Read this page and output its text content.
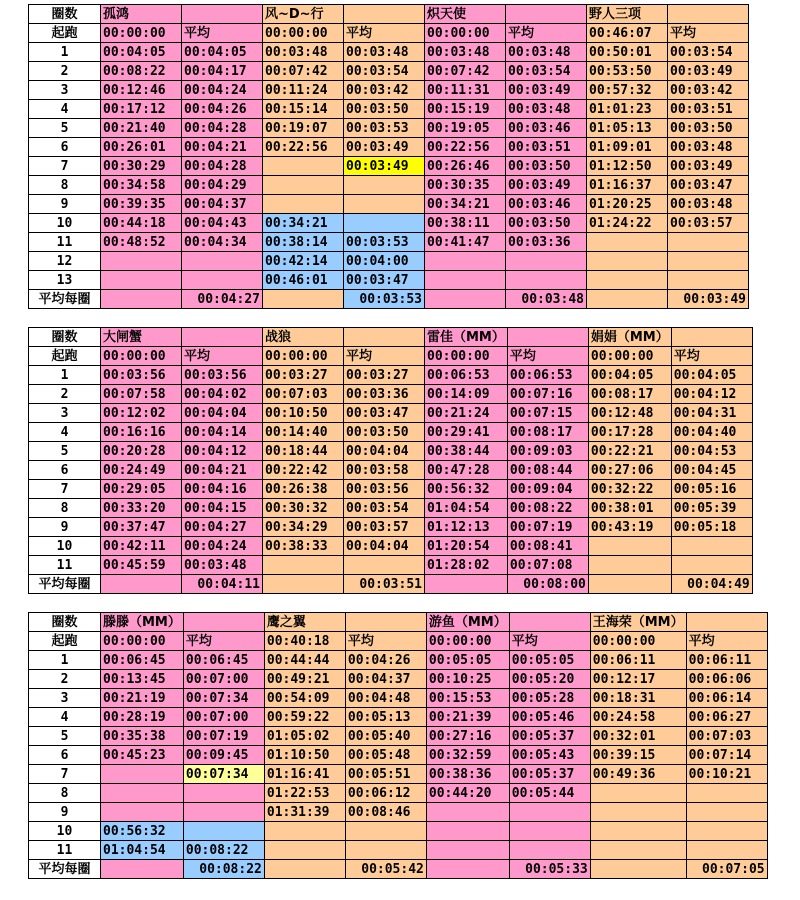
圈数	孤鸿		风~D~行		炽天使		野人三项	
起跑	00:00:00	平均	00:00:00	平均	00:00:00	平均	00:46:07	平均
1	00:04:05	00:04:05	00:03:48	00:03:48	00:03:48	00:03:48	00:50:01	00:03:54
2	00:08:22	00:04:17	00:07:42	00:03:54	00:07:42	00:03:54	00:53:50	00:03:49
3	00:12:46	00:04:24	00:11:24	00:03:42	00:11:31	00:03:49	00:57:32	00:03:42
4	00:17:12	00:04:26	00:15:14	00:03:50	00:15:19	00:03:48	01:01:23	00:03:51
5	00:21:40	00:04:28	00:19:07	00:03:53	00:19:05	00:03:46	01:05:13	00:03:50
6	00:26:01	00:04:21	00:22:56	00:03:49	00:22:56	00:03:51	01:09:01	00:03:48
7	00:30:29	00:04:28		00:03:49	00:26:46	00:03:50	01:12:50	00:03:49
8	00:34:58	00:04:29			00:30:35	00:03:49	01:16:37	00:03:47
9	00:39:35	00:04:37			00:34:21	00:03:46	01:20:25	00:03:48
10	00:44:18	00:04:43	00:34:21		00:38:11	00:03:50	01:24:22	00:03:57
11	00:48:52	00:04:34	00:38:14	00:03:53	00:41:47	00:03:36		
12			00:42:14	00:04:00				
13			00:46:01	00:03:47				
平均每圈		00:04:27		00:03:53		00:03:48		00:03:49
圈数	大闸蟹		战狼		雷佳（MM）		娟娟（MM）	
起跑	00:00:00	平均	00:00:00	平均	00:00:00	平均	00:00:00	平均
1	00:03:56	00:03:56	00:03:27	00:03:27	00:06:53	00:06:53	00:04:05	00:04:05
2	00:07:58	00:04:02	00:07:03	00:03:36	00:14:09	00:07:16	00:08:17	00:04:12
3	00:12:02	00:04:04	00:10:50	00:03:47	00:21:24	00:07:15	00:12:48	00:04:31
4	00:16:16	00:04:14	00:14:40	00:03:50	00:29:41	00:08:17	00:17:28	00:04:40
5	00:20:28	00:04:12	00:18:44	00:04:04	00:38:44	00:09:03	00:22:21	00:04:53
6	00:24:49	00:04:21	00:22:42	00:03:58	00:47:28	00:08:44	00:27:06	00:04:45
7	00:29:05	00:04:16	00:26:38	00:03:56	00:56:32	00:09:04	00:32:22	00:05:16
8	00:33:20	00:04:15	00:30:32	00:03:54	01:04:54	00:08:22	00:38:01	00:05:39
9	00:37:47	00:04:27	00:34:29	00:03:57	01:12:13	00:07:19	00:43:19	00:05:18
10	00:42:11	00:04:24	00:38:33	00:04:04	01:20:54	00:08:41		
11	00:45:59	00:03:48			01:28:02	00:07:08		
平均每圈		00:04:11		00:03:51		00:08:00		00:04:49
圈数	滕滕（MM）		鹰之翼		游鱼（MM）		王海荣（MM）	
起跑	00:00:00	平均	00:40:18	平均	00:00:00	平均	00:00:00	平均
1	00:06:45	00:06:45	00:44:44	00:04:26	00:05:05	00:05:05	00:06:11	00:06:11
2	00:13:45	00:07:00	00:49:21	00:04:37	00:10:25	00:05:20	00:12:17	00:06:06
3	00:21:19	00:07:34	00:54:09	00:04:48	00:15:53	00:05:28	00:18:31	00:06:14
4	00:28:19	00:07:00	00:59:22	00:05:13	00:21:39	00:05:46	00:24:58	00:06:27
5	00:35:38	00:07:19	01:05:02	00:05:40	00:27:16	00:05:37	00:32:01	00:07:03
6	00:45:23	00:09:45	01:10:50	00:05:48	00:32:59	00:05:43	00:39:15	00:07:14
7		00:07:34	01:16:41	00:05:51	00:38:36	00:05:37	00:49:36	00:10:21
8			01:22:53	00:06:12	00:44:20	00:05:44		
9			01:31:39	00:08:46				
10	00:56:32							
11	01:04:54	00:08:22						
平均每圈		00:08:22		00:05:42		00:05:33		00:07:05
